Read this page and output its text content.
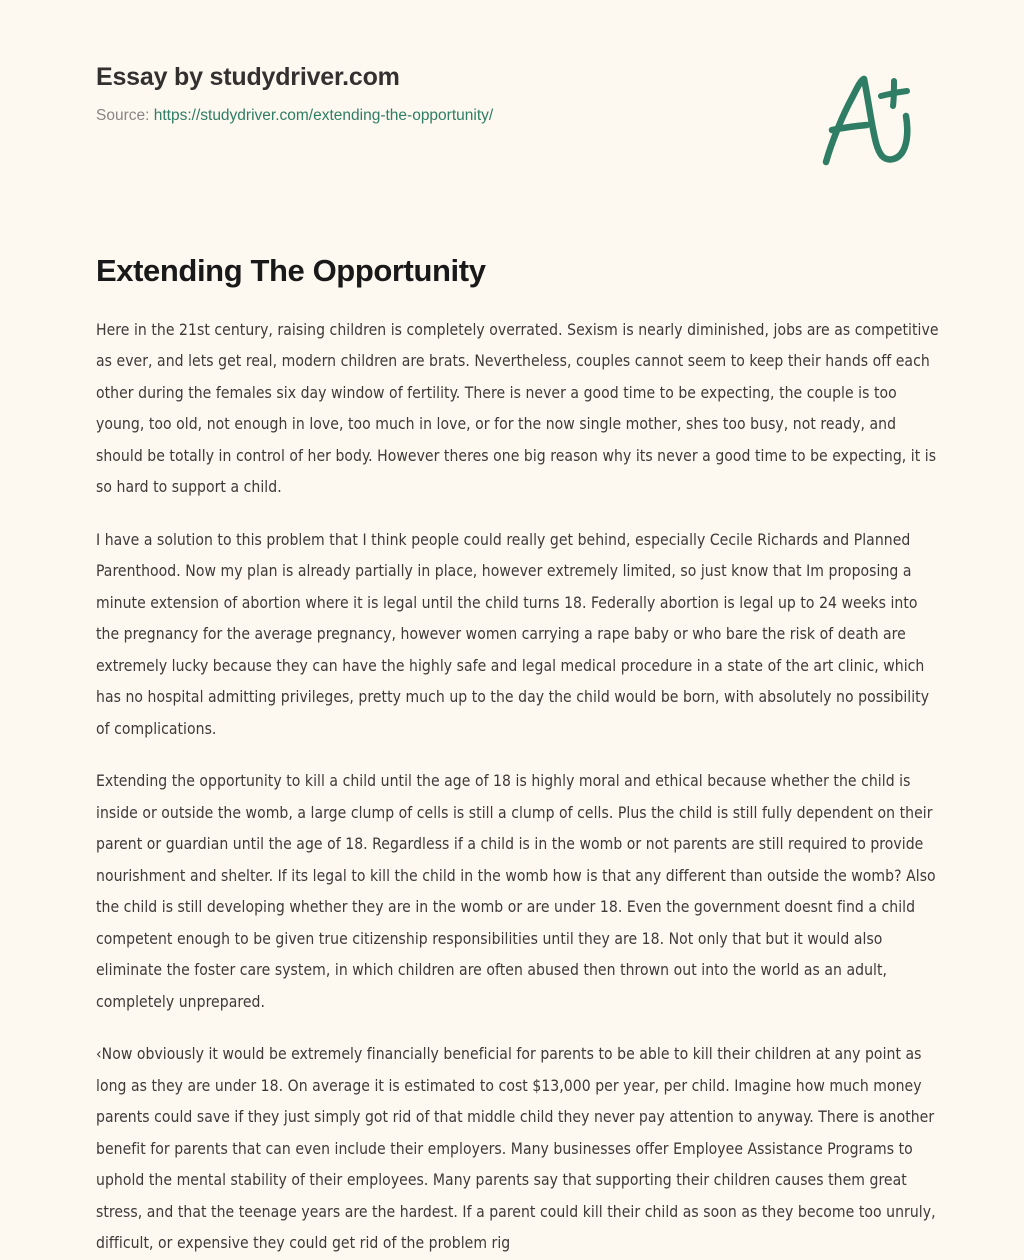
Essay by studydriver.com
Source: https://studydriver.com/extending-the-opportunity/
Extending The Opportunity

Here in the 21st century, raising children is completely overrated. Sexism is nearly diminished, jobs are as competitive as ever, and lets get real, modern children are brats. Nevertheless, couples cannot seem to keep their hands off each other during the females six day window of fertility. There is never a good time to be expecting, the couple is too young, too old, not enough in love, too much in love, or for the now single mother, shes too busy, not ready, and should be totally in control of her body. However theres one big reason why its never a good time to be expecting, it is so hard to support a child.

I have a solution to this problem that I think people could really get behind, especially Cecile Richards and Planned Parenthood. Now my plan is already partially in place, however extremely limited, so just know that Im proposing a minute extension of abortion where it is legal until the child turns 18. Federally abortion is legal up to 24 weeks into the pregnancy for the average pregnancy, however women carrying a rape baby or who bare the risk of death are extremely lucky because they can have the highly safe and legal medical procedure in a state of the art clinic, which has no hospital admitting privileges, pretty much up to the day the child would be born, with absolutely no possibility of complications.

Extending the opportunity to kill a child until the age of 18 is highly moral and ethical because whether the child is inside or outside the womb, a large clump of cells is still a clump of cells. Plus the child is still fully dependent on their parent or guardian until the age of 18. Regardless if a child is in the womb or not parents are still required to provide nourishment and shelter. If its legal to kill the child in the womb how is that any different than outside the womb? Also the child is still developing whether they are in the womb or are under 18. Even the government doesnt find a child competent enough to be given true citizenship responsibilities until they are 18. Not only that but it would also eliminate the foster care system, in which children are often abused then thrown out into the world as an adult, completely unprepared.

‹Now obviously it would be extremely financially beneficial for parents to be able to kill their children at any point as long as they are under 18. On average it is estimated to cost $13,000 per year, per child. Imagine how much money parents could save if they just simply got rid of that middle child they never pay attention to anyway. There is another benefit for parents that can even include their employers. Many businesses offer Employee Assistance Programs to uphold the mental stability of their employees. Many parents say that supporting their children causes them great stress, and that the teenage years are the hardest. If a parent could kill their child as soon as they become too unruly, difficult, or expensive they could get rid of the problem rig
